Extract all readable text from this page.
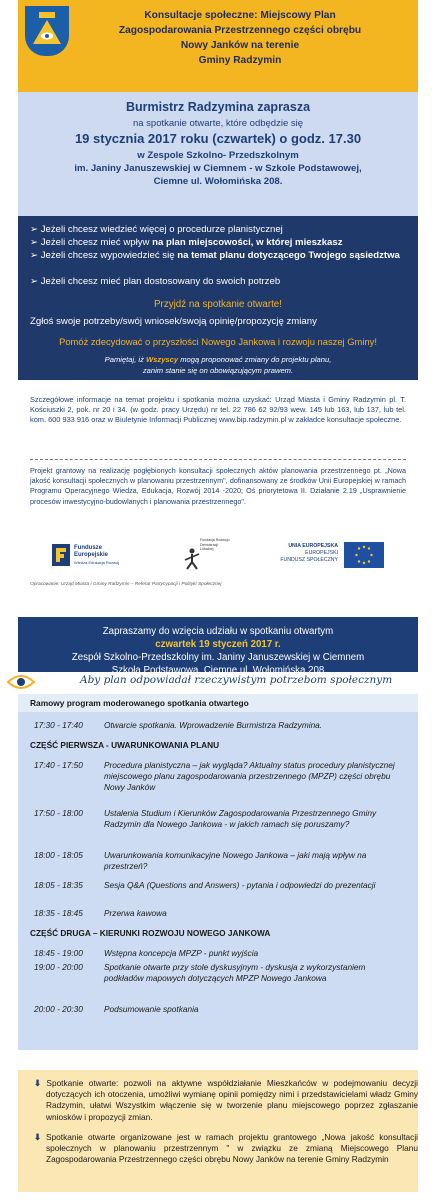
Konsultacje społeczne: Miejscowy Plan
Zagospodarowania Przestrzennego części obrębu
Nowy Janków na terenie
Gminy Radzymin
Burmistrz Radzymina zaprasza
na spotkanie otwarte, które odbędzie się
19 stycznia 2017 roku (czwartek) o godz. 17.30
w Zespole Szkolno- Przedszkolnym
im. Janiny Januszewskiej w Ciemnem - w Szkole Podstawowej,
Ciemne ul. Wołomińska 208.
➢ Jeżeli chcesz wiedzieć więcej o procedurze planistycznej
➢ Jeżeli chcesz mieć wpływ na plan miejscowości, w której mieszkasz
➢ Jeżeli chcesz wypowiedzieć się na temat planu dotyczącego Twojego sąsiedztwa
➢ Jeżeli chcesz mieć plan dostosowany do swoich potrzeb
Przyjdź na spotkanie otwarte!
Zgłoś swoje potrzeby/swój wniosek/swoją opinię/propozycję zmiany
Pomóż zdecydować o przyszłości Nowego Jankowa i rozwoju naszej Gminy!
Pamiętaj, iż Wszyscy mogą proponować zmiany do projektu planu,
zanim stanie się on obowiązującym prawem.
Szczegółowe informacje na temat projektu i spotkania można uzyskać: Urząd Miasta i Gminy Radzymin pl. T. Kościuszki 2, pok. nr 20 i 34. (w godz. pracy Urzędu) nr tel. 22 786 62 92/93 wew. 145 lub 163, lub 137, lub tel. kom. 600 933 916 oraz w Biuletynie Informacji Publicznej www.bip.radzymin.pl w zakładce konsultacje społeczne.
Projekt grantowy na realizację pogłębionych konsultacji społecznych aktów planowania przestrzennego pt. „Nowa jakość konsultacji społecznych w planowaniu przestrzennym", dofinansowany ze środków Unii Europejskiej w ramach Programu Operacyjnego Wiedza, Edukacja, Rozwój 2014 -2020; Oś priorytetowa II. Działanie 2.19 „Usprawnienie procesów inwestycyjno-budowlanych i planowania przestrzennego".
Fundusze
Europejskie
Wiedza Edukacja Rozwój
Fundacja Rozwoju
Demokracji Lokalnej	UNIA EUROPEJSKA
EUROPEJSKI
FUNDUSZ SPOŁECZNY
Opracowanie: Urząd Miasta i Gminy Radzymin – Referat Partycypacji i Polityki Społecznej
Zapraszamy do wzięcia udziału w spotkaniu otwartym
czwartek 19 styczeń 2017 r.
Zespół Szkolno-Przedszkolny im. Janiny Januszewskiej w Ciemnem
Szkoła Podstawowa, Ciemne ul. Wołomińska 208
Aby plan odpowiadał rzeczywistym potrzebom społecznym
Ramowy program moderowanego spotkania otwartego
17:30 - 17:40	Otwarcie spotkania. Wprowadzenie Burmistrza Radzymina.
CZĘŚĆ PIERWSZA - UWARUNKOWANIA PLANU
17:40 - 17:50	Procedura planistyczna – jak wygląda? Aktualny status procedury planistycznej miejscowego planu zagospodarowania przestrzennego (MPZP) części obrębu Nowy Janków
17:50 - 18:00	Ustalenia Studium i Kierunków Zagospodarowania Przestrzennego Gminy Radzymin dla Nowego Jankowa - w jakich ramach się poruszamy?
18:00 - 18:05	Uwarunkowania komunikacyjne Nowego Jankowa – jaki mają wpływ na przestrzeń?
18:05 - 18:35	Sesja Q&A (Questions and Answers) - pytania i odpowiedzi do prezentacji
18:35 - 18:45	Przerwa kawowa
CZĘŚĆ DRUGA – KIERUNKI ROZWOJU NOWEGO JANKOWA
18:45 - 19:00	Wstępna koncepcja MPZP - punkt wyjścia
19:00 - 20:00	Spotkanie otwarte przy stole dyskusyjnym - dyskusja z wykorzystaniem podkładów mapowych dotyczących MPZP Nowego Jankowa
20:00 - 20:30	Podsumowanie spotkania
⬇ Spotkanie otwarte: pozwoli na aktywne współdziałanie Mieszkańców w podejmowaniu decyzji dotyczących ich otoczenia, umożliwi wymianę opinii pomiędzy nimi i przedstawicielami władz Gminy Radzymin, ułatwi Wszystkim włączenie się w tworzenie planu miejscowego poprzez zgłaszanie wniosków i propozycji zmian.
⬇ Spotkanie otwarte organizowane jest w ramach projektu grantowego „Nowa jakość konsultacji społecznych w planowaniu przestrzennym " w związku ze zmianą Miejscowego Planu Zagospodarowania Przestrzennego części obrębu Nowy Janków na terenie Gminy Radzymin
